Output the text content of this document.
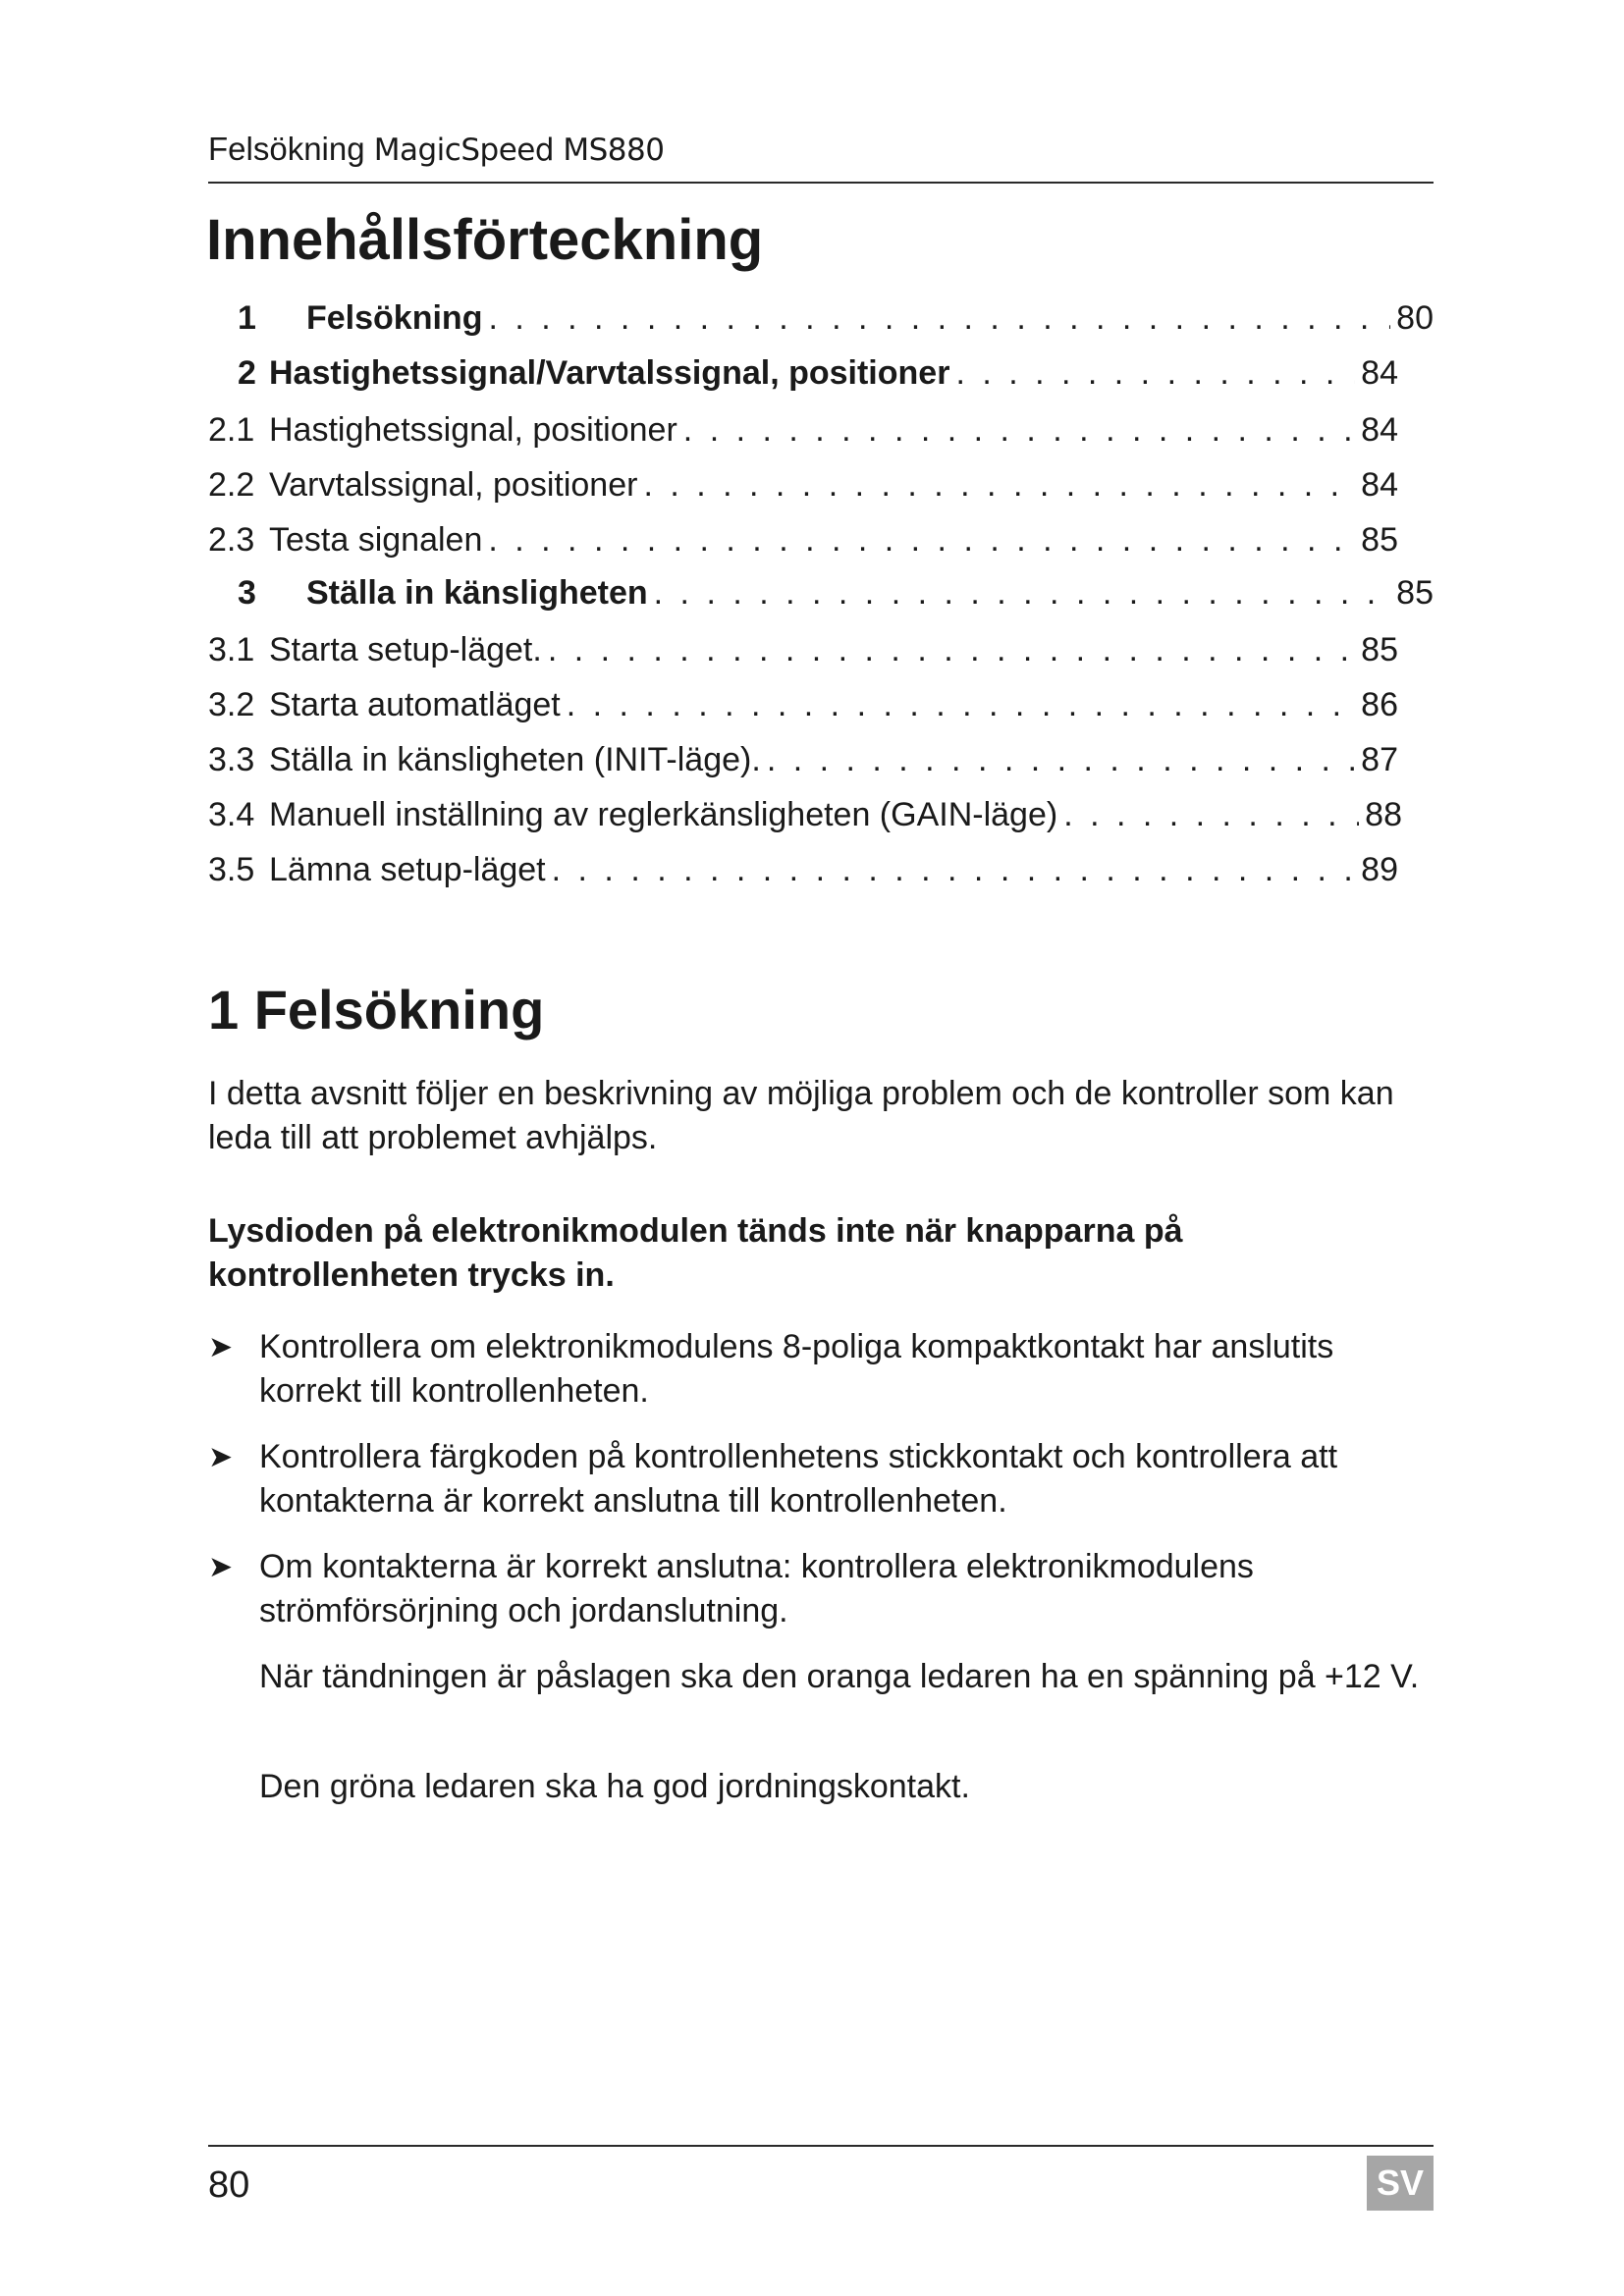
Felsökning MagicSpeed MS880
Innehållsförteckning
1	Felsökning . . .	80
2 Hastighetssignal/Varvtalssignal, positioner . . .	84
2.1 Hastighetssignal, positioner . . .	84
2.2 Varvtalssignal, positioner . . .	84
2.3 Testa signalen . . .	85
3	Ställa in känsligheten . . .	85
3.1 Starta setup-läget. . . .	85
3.2 Starta automatläget . . .	86
3.3 Ställa in känsligheten (INIT-läge). . . .	87
3.4 Manuell inställning av reglerkänsligheten (GAIN-läge) . . .	88
3.5 Lämna setup-läget . . .	89
1 Felsökning

I detta avsnitt följer en beskrivning av möjliga problem och de kontroller som kan leda till att problemet avhjälps.

Lysdioden på elektronikmodulen tänds inte när knapparna på kontrollenheten trycks in.

➤ Kontrollera om elektronikmodulens 8-poliga kompaktkontakt har anslutits korrekt till kontrollenheten.
➤ Kontrollera färgkoden på kontrollenhetens stickkontakt och kontrollera att kontakterna är korrekt anslutna till kontrollenheten.
➤ Om kontakterna är korrekt anslutna: kontrollera elektronikmodulens strömförsörjning och jordanslutning.

När tändningen är påslagen ska den oranga ledaren ha en spänning på +12 V.

Den gröna ledaren ska ha god jordningskontakt.

80	SV
